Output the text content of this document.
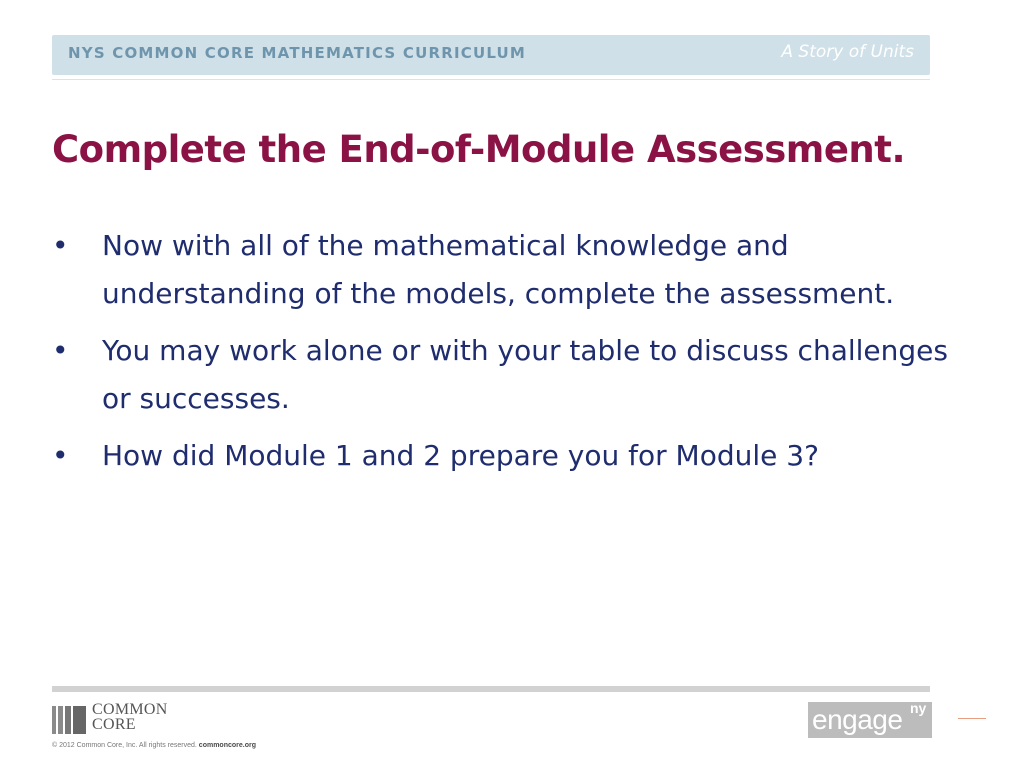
NYS COMMON CORE MATHEMATICS CURRICULUM	A Story of Units
Complete the End-of-Module Assessment.
• Now with all of the mathematical knowledge and understanding of the models, complete the assessment.
• You may work alone or with your table to discuss challenges or successes.
• How did Module 1 and 2 prepare you for Module 3?
COMMON
CORE
© 2012 Common Core, Inc. All rights reserved. commoncore.org
engage ny
